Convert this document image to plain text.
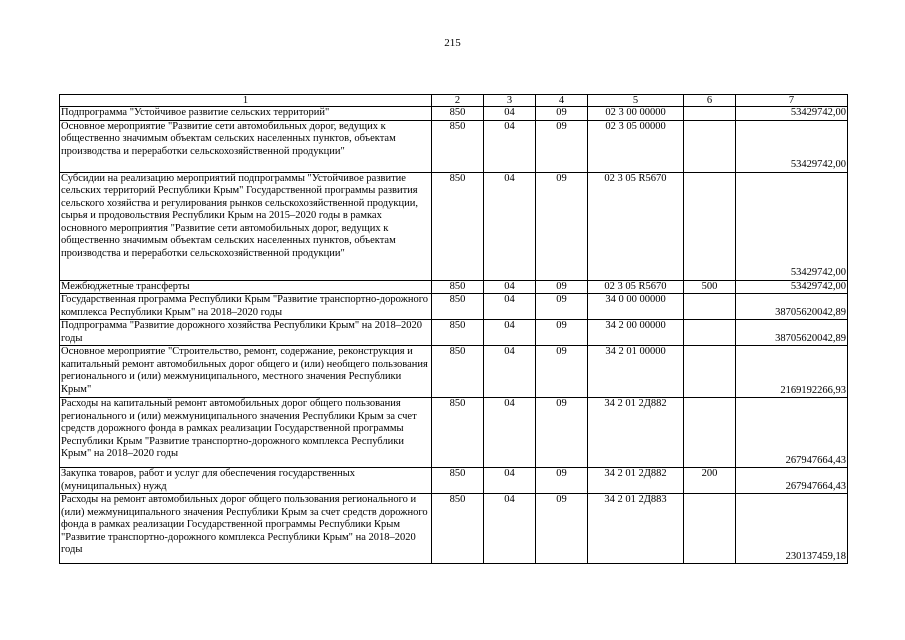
215
1	2	3	4	5	6	7
Подпрограмма "Устойчивое развитие сельских территорий"	850	04	09	02 3 00 00000		53429742,00
Основное мероприятие "Развитие сети автомобильных дорог, ведущих к общественно значимым объектам сельских населенных пунктов, объектам производства и переработки сельскохозяйственной продукции"	850	04	09	02 3 05 00000		53429742,00
Субсидии на реализацию мероприятий подпрограммы "Устойчивое развитие сельских территорий Республики Крым" Государственной программы развития сельского хозяйства и регулирования рынков сельскохозяйственной продукции, сырья и продовольствия Республики Крым на 2015–2020 годы в рамках основного мероприятия "Развитие сети автомобильных дорог, ведущих к общественно значимым объектам сельских населенных пунктов, объектам производства и переработки сельскохозяйственной продукции"	850	04	09	02 3 05 R5670		53429742,00
Межбюджетные трансферты	850	04	09	02 3 05 R5670	500	53429742,00
Государственная программа Республики Крым "Развитие транспортно-дорожного комплекса Республики Крым" на 2018–2020 годы	850	04	09	34 0 00 00000		38705620042,89
Подпрограмма "Развитие дорожного хозяйства Республики Крым" на 2018–2020 годы	850	04	09	34 2 00 00000		38705620042,89
Основное мероприятие "Строительство, ремонт, содержание, реконструкция и капитальный ремонт автомобильных дорог общего и (или) необщего пользования регионального и (или) межмуниципального, местного значения Республики Крым"	850	04	09	34 2 01 00000		2169192266,93
Расходы на капитальный ремонт автомобильных дорог общего пользования регионального и (или) межмуниципального значения Республики Крым за счет средств дорожного фонда в рамках реализации Государственной программы Республики Крым "Развитие транспортно-дорожного комплекса Республики Крым" на 2018–2020 годы	850	04	09	34 2 01 2Д882		267947664,43
Закупка товаров, работ и услуг для обеспечения государственных (муниципальных) нужд	850	04	09	34 2 01 2Д882	200	267947664,43
Расходы на ремонт автомобильных дорог общего пользования регионального и (или) межмуниципального значения Республики Крым за счет средств дорожного фонда в рамках реализации Государственной программы Республики Крым "Развитие транспортно-дорожного комплекса Республики Крым" на 2018–2020 годы	850	04	09	34 2 01 2Д883		230137459,18
